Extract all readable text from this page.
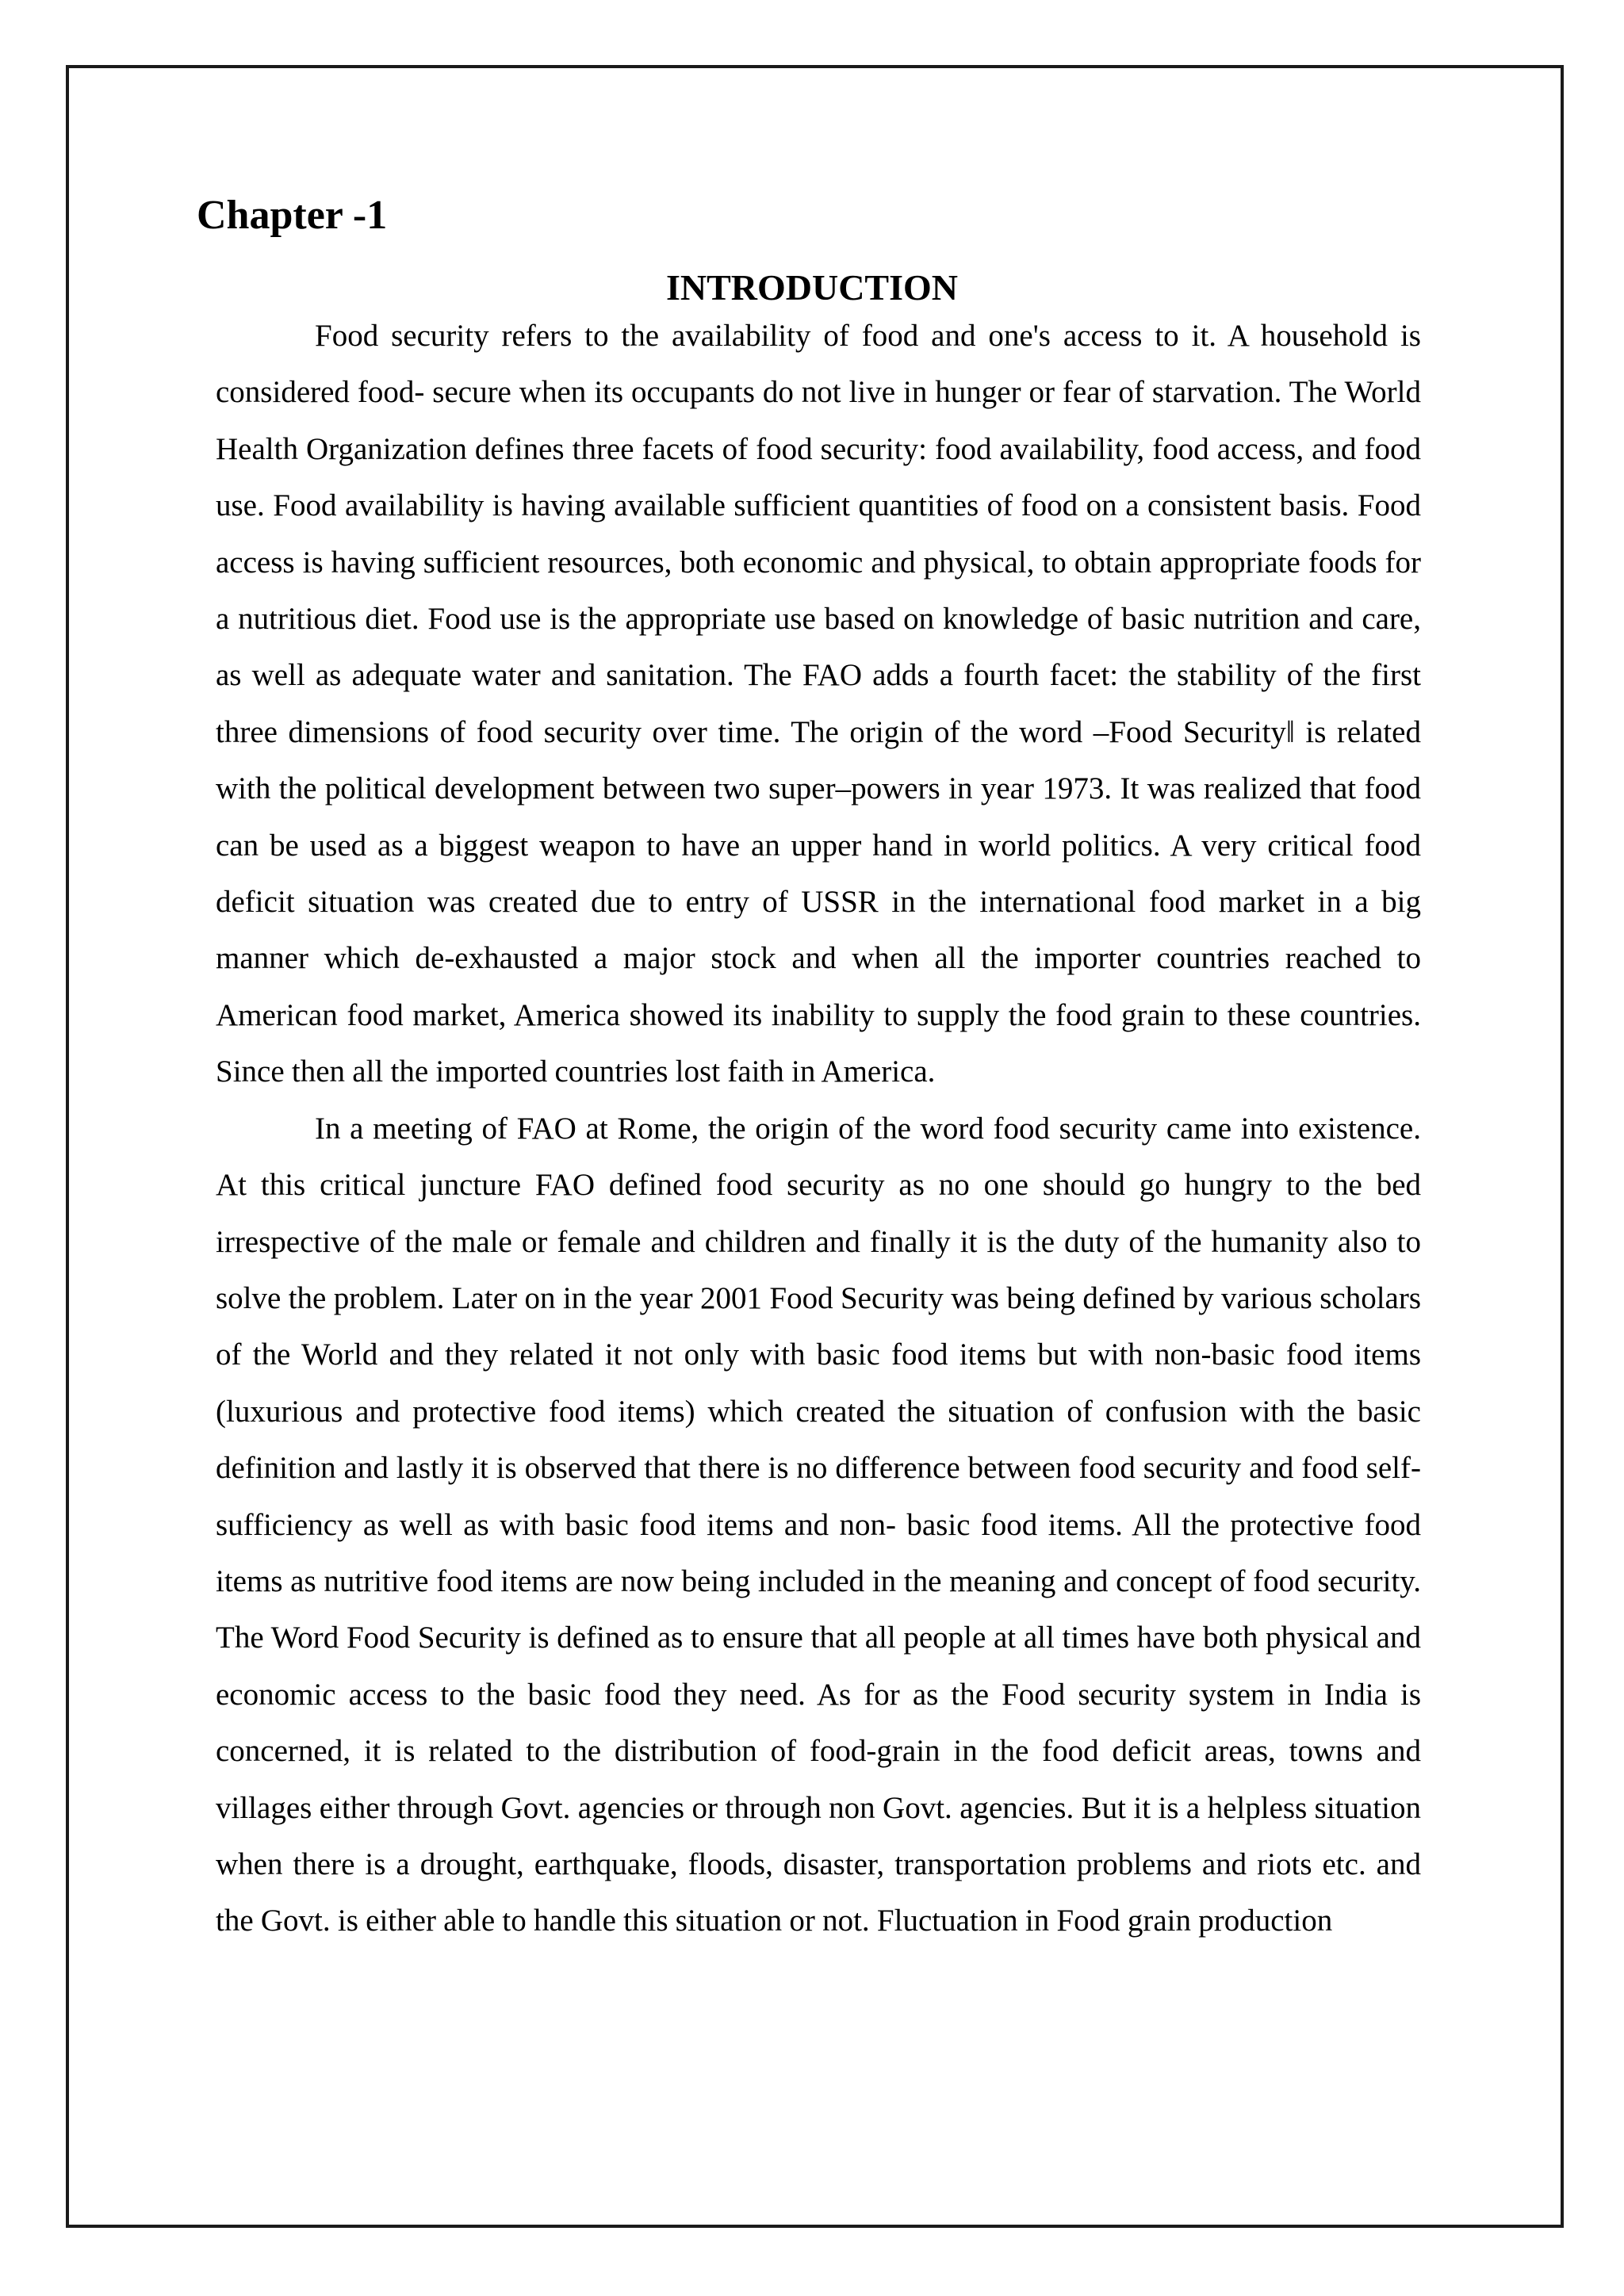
Chapter -1
INTRODUCTION

Food security refers to the availability of food and one's access to it. A household is considered food- secure when its occupants do not live in hunger or fear of starvation. The World Health Organization defines three facets of food security: food availability, food access, and food use. Food availability is having available sufficient quantities of food on a consistent basis. Food access is having sufficient resources, both economic and physical, to obtain appropriate foods for a nutritious diet. Food use is the appropriate use based on knowledge of basic nutrition and care, as well as adequate water and sanitation. The FAO adds a fourth facet: the stability of the first three dimensions of food security over time. The origin of the word –Food Security‖ is related with the political development between two super–powers in year 1973. It was realized that food can be used as a biggest weapon to have an upper hand in world politics. A very critical food deficit situation was created due to entry of USSR in the international food market in a big manner which de-exhausted a major stock and when all the importer countries reached to American food market, America showed its inability to supply the food grain to these countries. Since then all the imported countries lost faith in America.

In a meeting of FAO at Rome, the origin of the word food security came into existence. At this critical juncture FAO defined food security as no one should go hungry to the bed irrespective of the male or female and children and finally it is the duty of the humanity also to solve the problem. Later on in the year 2001 Food Security was being defined by various scholars of the World and they related it not only with basic food items but with non-basic food items (luxurious and protective food items) which created the situation of confusion with the basic definition and lastly it is observed that there is no difference between food security and food self-sufficiency as well as with basic food items and non- basic food items. All the protective food items as nutritive food items are now being included in the meaning and concept of food security. The Word Food Security is defined as to ensure that all people at all times have both physical and economic access to the basic food they need. As for as the Food security system in India is concerned, it is related to the distribution of food-grain in the food deficit areas, towns and villages either through Govt. agencies or through non Govt. agencies. But it is a helpless situation when there is a drought, earthquake, floods, disaster, transportation problems and riots etc. and the Govt. is either able to handle this situation or not. Fluctuation in Food grain production
